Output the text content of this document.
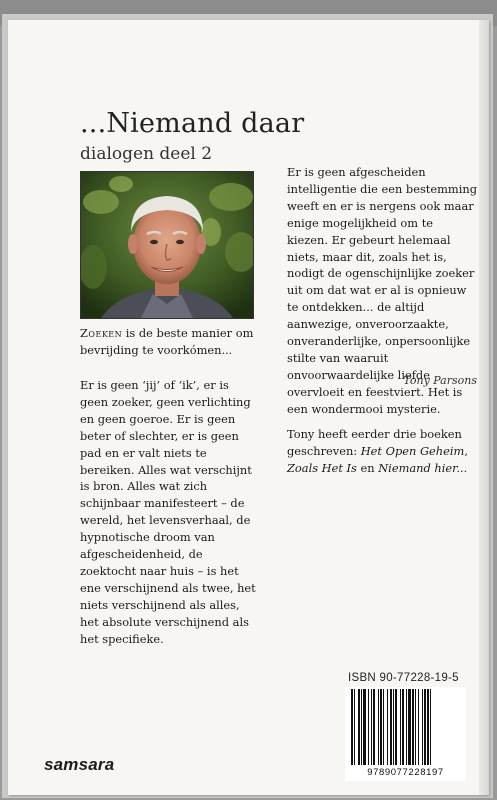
...Niemand daar
dialogen deel 2

Zoeken is de beste manier om bevrijding te voorkómen...

Er is geen ‘jij’ of ‘ik’, er is geen zoeker, geen verlichting en geen goeroe. Er is geen beter of slechter, er is geen pad en er valt niets te bereiken. Alles wat verschijnt is bron. Alles wat zich schijnbaar manifesteert – de wereld, het levensverhaal, de hypnotische droom van afgescheidenheid, de zoektocht naar huis – is het ene verschijnend als twee, het niets verschijnend als alles, het absolute verschijnend als het specifieke.

Er is geen afgescheiden intelligentie die een bestemming weeft en er is nergens ook maar enige mogelijkheid om te kiezen. Er gebeurt helemaal niets, maar dit, zoals het is, nodigt de ogenschijnlijke zoeker uit om dat wat er al is opnieuw te ontdekken... de altijd aanwezige, onveroorzaakte, onveranderlijke, onpersoonlijke stilte van waaruit onvoorwaardelijke liefde overvloeit en feestviert. Het is een wondermooi mysterie.

Tony Parsons

Tony heeft eerder drie boeken geschreven: Het Open Geheim, Zoals Het Is en Niemand hier...

ISBN 90-77228-19-5
9789077228197
samsara
